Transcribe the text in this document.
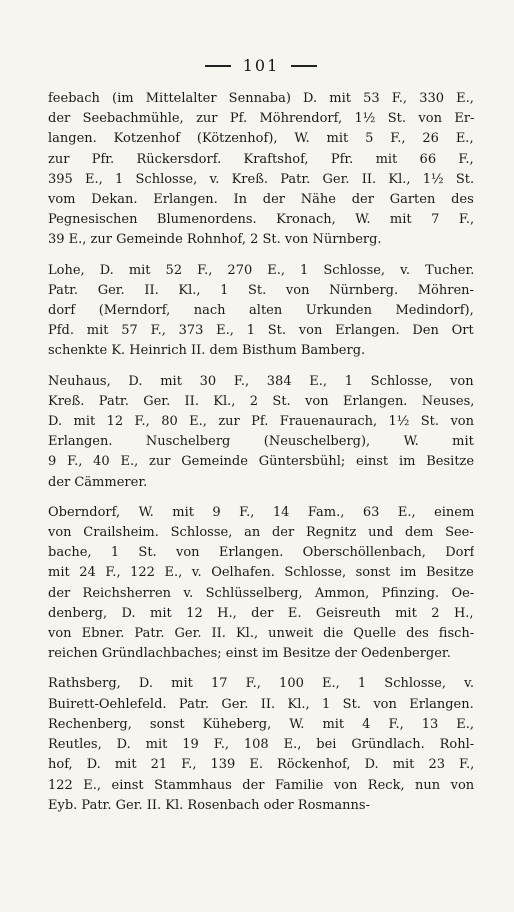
101

feebach (im Mittelalter Sennaba) D. mit 53 F., 330 E.,
der Seebachmühle, zur Pf. Möhrendorf, 1½ St. von Er-
langen. Kotzenhof (Kötzenhof), W. mit 5 F., 26 E.,
zur Pfr. Rückersdorf. Kraftshof, Pfr. mit 66 F.,
395 E., 1 Schlosse, v. Kreß. Patr. Ger. II. Kl., 1½ St.
vom Dekan. Erlangen. In der Nähe der Garten des
Pegnesischen Blumenordens. Kronach, W. mit 7 F.,
39 E., zur Gemeinde Rohnhof, 2 St. von Nürnberg.

Lohe, D. mit 52 F., 270 E., 1 Schlosse, v. Tucher.
Patr. Ger. II. Kl., 1 St. von Nürnberg. Möhren-
dorf (Merndorf, nach alten Urkunden Medindorf),
Pfd. mit 57 F., 373 E., 1 St. von Erlangen. Den Ort
schenkte K. Heinrich II. dem Bisthum Bamberg.

Neuhaus, D. mit 30 F., 384 E., 1 Schlosse, von
Kreß. Patr. Ger. II. Kl., 2 St. von Erlangen. Neuses,
D. mit 12 F., 80 E., zur Pf. Frauenaurach, 1½ St. von
Erlangen. Nuschelberg (Neuschelberg), W. mit
9 F., 40 E., zur Gemeinde Güntersbühl; einst im Besitze
der Cämmerer.

Oberndorf, W. mit 9 F., 14 Fam., 63 E., einem
von Crailsheim. Schlosse, an der Regnitz und dem See-
bache, 1 St. von Erlangen. Oberschöllenbach, Dorf
mit 24 F., 122 E., v. Oelhafen. Schlosse, sonst im Besitze
der Reichsherren v. Schlüsselberg, Ammon, Pfinzing. Oe-
denberg, D. mit 12 H., der E. Geisreuth mit 2 H.,
von Ebner. Patr. Ger. II. Kl., unweit die Quelle des fisch-
reichen Gründlachbaches; einst im Besitze der Oedenberger.

Rathsberg, D. mit 17 F., 100 E., 1 Schlosse, v.
Buirett-Oehlefeld. Patr. Ger. II. Kl., 1 St. von Erlangen.
Rechenberg, sonst Küheberg, W. mit 4 F., 13 E.,
Reutles, D. mit 19 F., 108 E., bei Gründlach. Rohl-
hof, D. mit 21 F., 139 E. Röckenhof, D. mit 23 F.,
122 E., einst Stammhaus der Familie von Reck, nun von
Eyb. Patr. Ger. II. Kl. Rosenbach oder Rosmanns-
